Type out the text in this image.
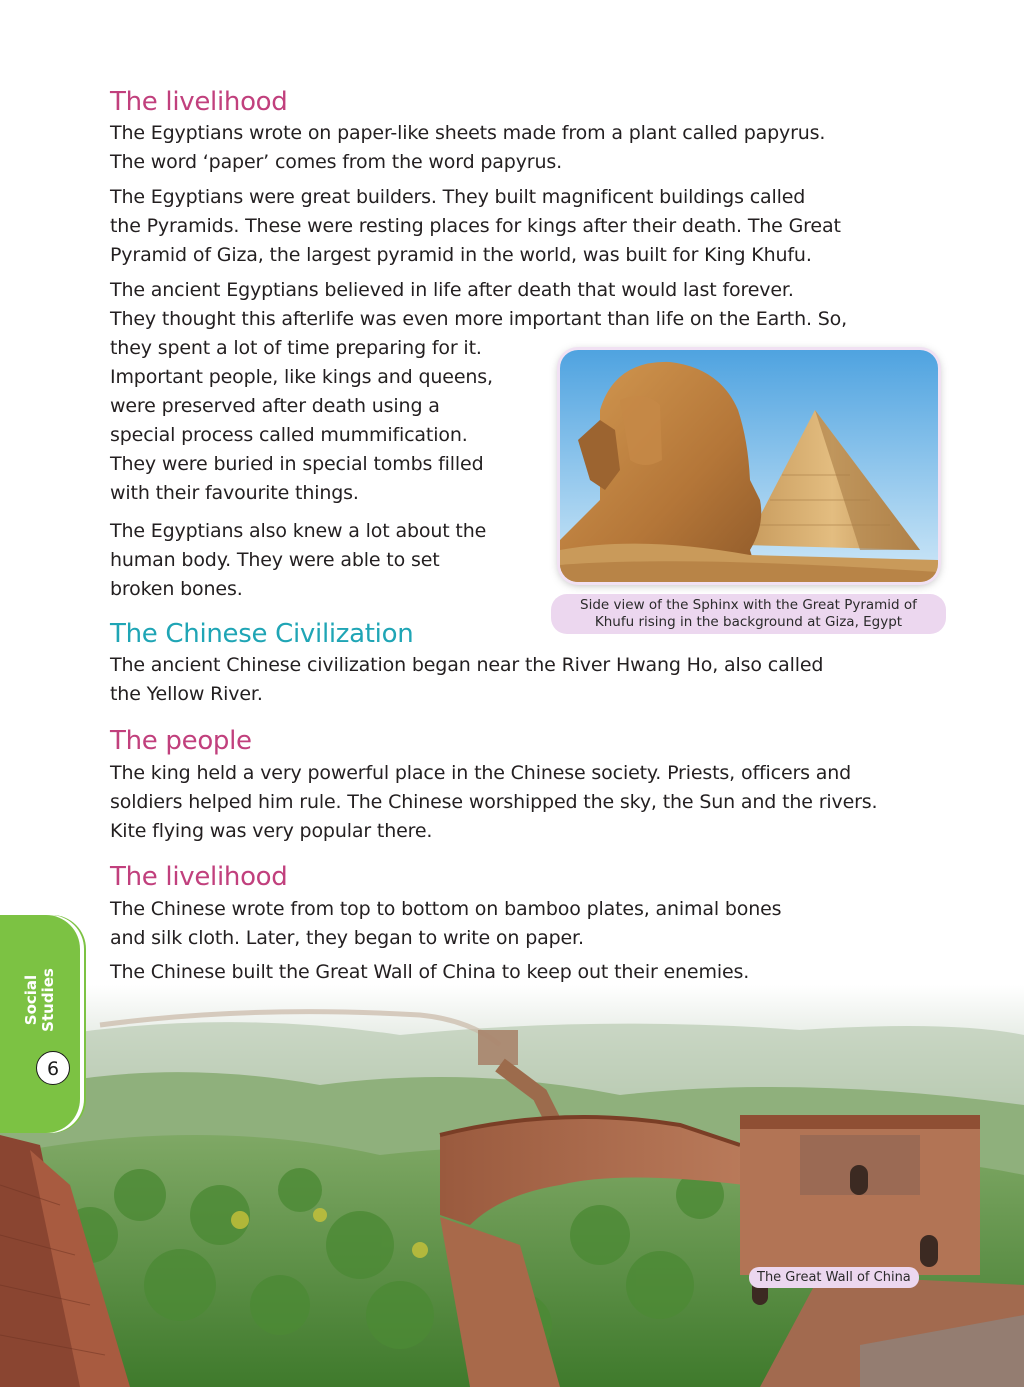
The livelihood
The Egyptians wrote on paper-like sheets made from a plant called papyrus.
The word ‘paper’ comes from the word papyrus.
The Egyptians were great builders. They built magnificent buildings called
the Pyramids. These were resting places for kings after their death. The Great
Pyramid of Giza, the largest pyramid in the world, was built for King Khufu.
The ancient Egyptians believed in life after death that would last forever.
They thought this afterlife was even more important than life on the Earth. So,
they spent a lot of time preparing for it.
Important people, like kings and queens,
were preserved after death using a
special process called mummification.
They were buried in special tombs filled
with their favourite things.
The Egyptians also knew a lot about the
human body. They were able to set
broken bones.
Side view of the Sphinx with the Great Pyramid of
Khufu rising in the background at Giza, Egypt
The Chinese Civilization
The ancient Chinese civilization began near the River Hwang Ho, also called
the Yellow River.
The people
The king held a very powerful place in the Chinese society. Priests, officers and
soldiers helped him rule. The Chinese worshipped the sky, the Sun and the rivers.
Kite flying was very popular there.
The livelihood
The Chinese wrote from top to bottom on bamboo plates, animal bones
and silk cloth. Later, they began to write on paper.
The Chinese built the Great Wall of China to keep out their enemies.
The Great Wall of China
Social Studies
6
